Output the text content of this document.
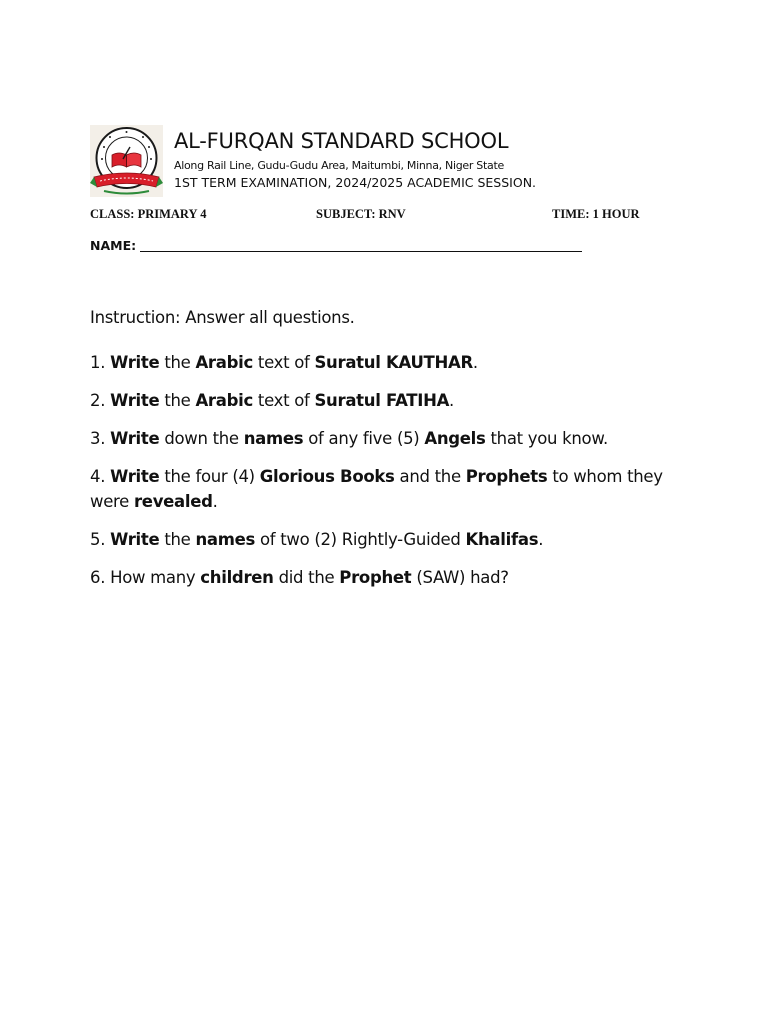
AL-FURQAN STANDARD SCHOOL
Along Rail Line, Gudu-Gudu Area, Maitumbi, Minna, Niger State
1ST TERM EXAMINATION, 2024/2025 ACADEMIC SESSION.
CLASS: PRIMARY 4	SUBJECT: RNV	TIME: 1 HOUR
NAME:
Instruction: Answer all questions.
1. Write the Arabic text of Suratul KAUTHAR.
2. Write the Arabic text of Suratul FATIHA.
3. Write down the names of any five (5) Angels that you know.
4. Write the four (4) Glorious Books and the Prophets to whom they were revealed.
5. Write the names of two (2) Rightly-Guided Khalifas.
6. How many children did the Prophet (SAW) had?
